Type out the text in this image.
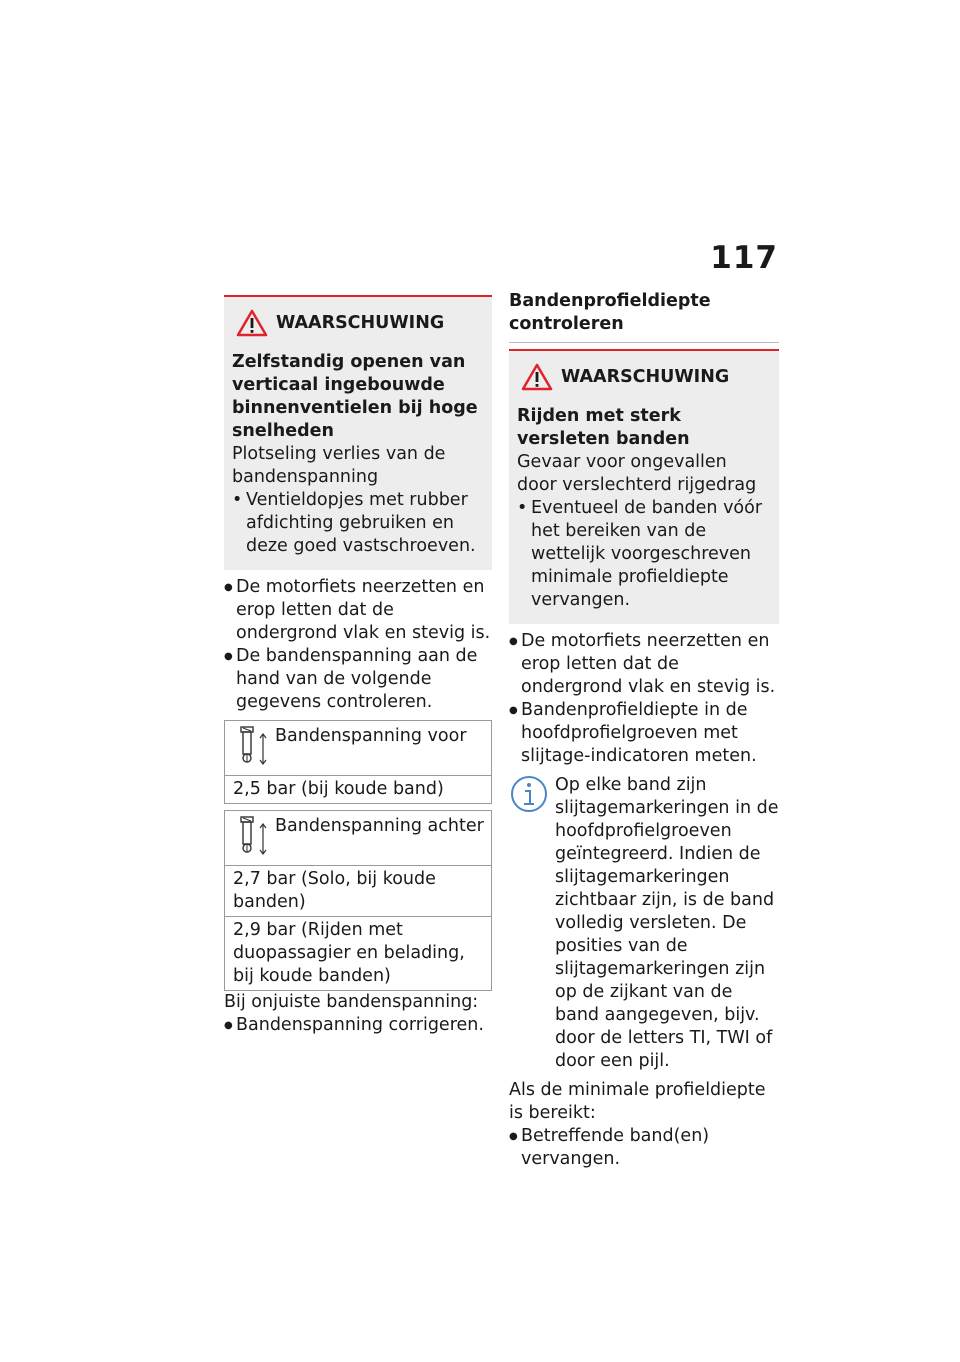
117
WAARSCHUWING

Zelfstandig openen van verticaal ingebouwde binnenventielen bij hoge snelheden

Plotseling verlies van de bandenspanning

• Ventieldopjes met rubber afdichting gebruiken en deze goed vastschroeven.
● De motorfiets neerzetten en erop letten dat de ondergrond vlak en stevig is.
● De bandenspanning aan de hand van de volgende gegevens controleren.
Bandenspanning voor
2,5 bar (bij koude band)
Bandenspanning achter
2,7 bar (Solo, bij koude banden)
2,9 bar (Rijden met duopassagier en belading, bij koude banden)

Bij onjuiste bandenspanning:

● Bandenspanning corrigeren.
Bandenprofieldiepte controleren
WAARSCHUWING

Rijden met sterk versleten banden

Gevaar voor ongevallen door verslechterd rijgedrag

• Eventueel de banden vóór het bereiken van de wettelijk voorgeschreven minimale profieldiepte vervangen.
● De motorfiets neerzetten en erop letten dat de ondergrond vlak en stevig is.
● Bandenprofieldiepte in de hoofdprofielgroeven met slijtage-indicatoren meten.

Op elke band zijn slijtagemarkeringen in de hoofdprofielgroeven geïntegreerd. Indien de slijtagemarkeringen zichtbaar zijn, is de band volledig versleten. De posities van de slijtagemarkeringen zijn op de zijkant van de band aangegeven, bijv. door de letters TI, TWI of door een pijl.

Als de minimale profieldiepte is bereikt:

● Betreffende band(en) vervangen.
